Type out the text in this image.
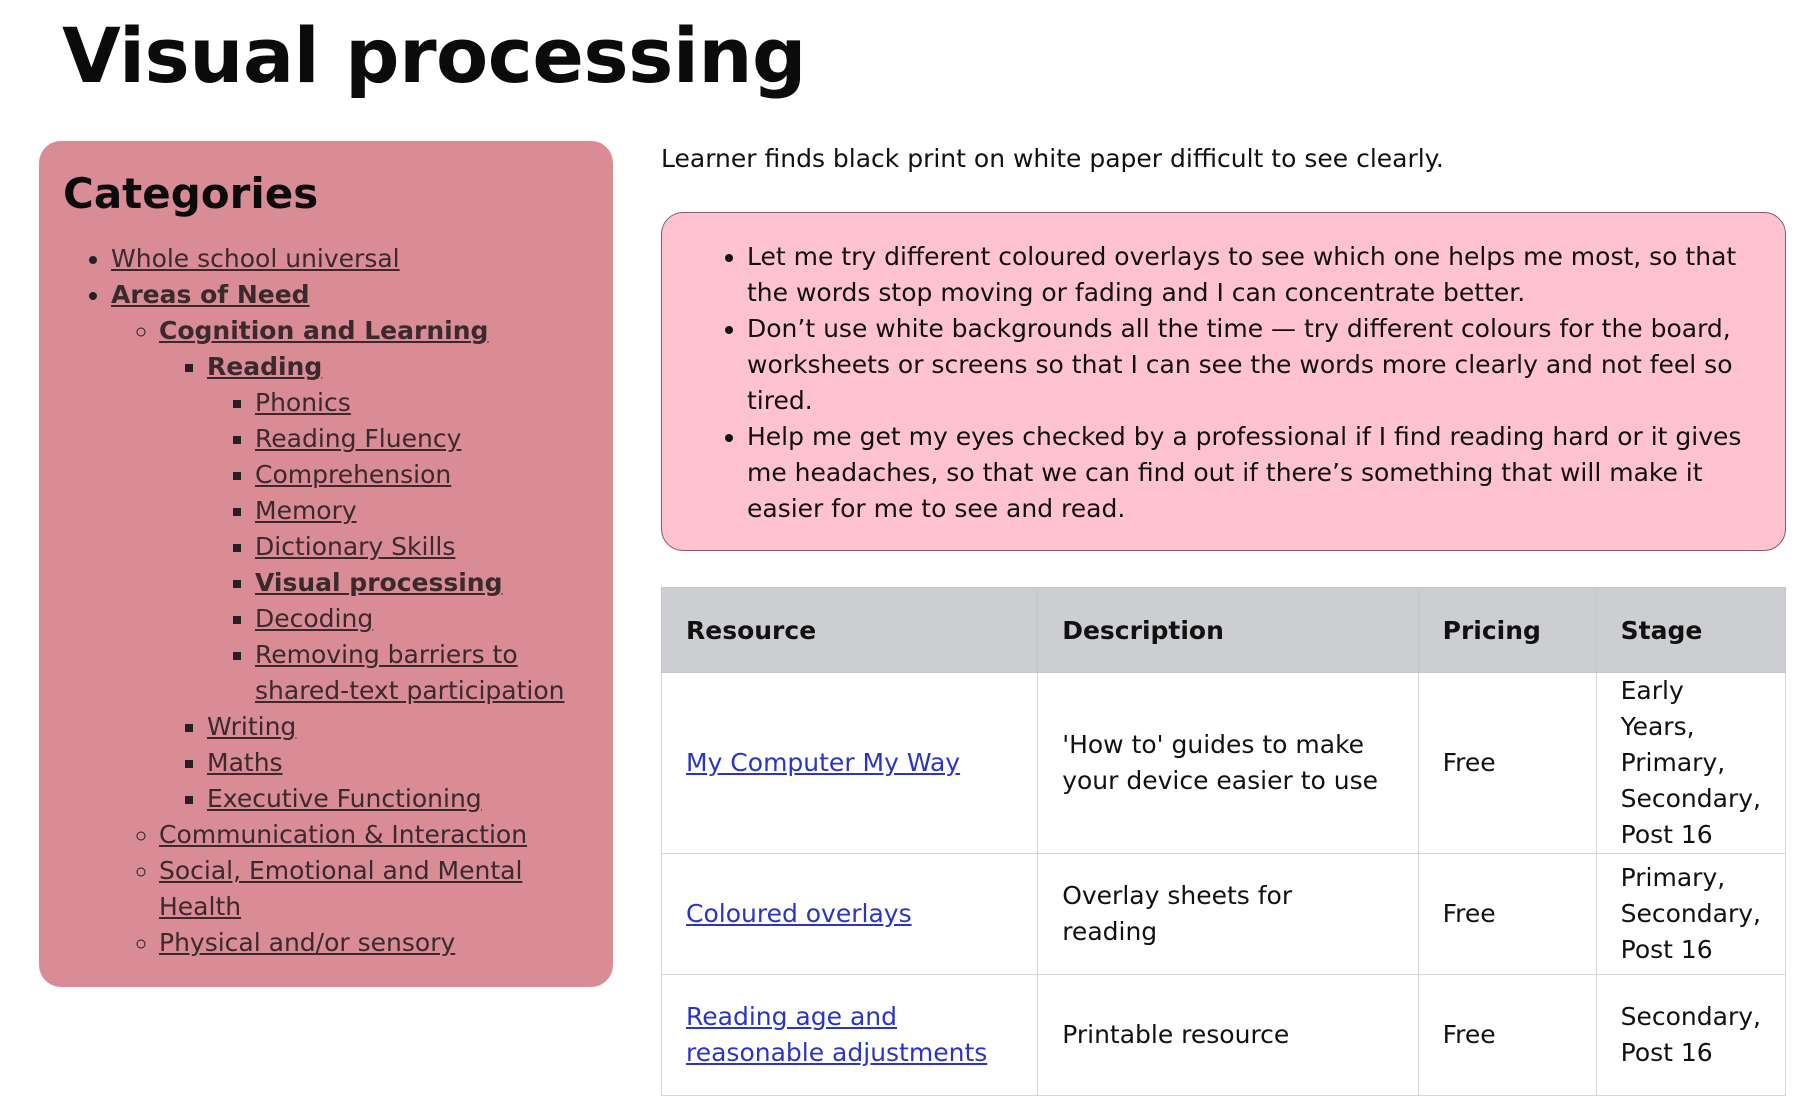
Visual processing
Categories
• Whole school universal
• Areas of Need
◦ Cognition and Learning
▪ Reading
▪ Phonics
▪ Reading Fluency
▪ Comprehension
▪ Memory
▪ Dictionary Skills
▪ Visual processing
▪ Decoding
▪ Removing barriers to shared-text participation
▪ Writing
▪ Maths
▪ Executive Functioning
◦ Communication & Interaction
◦ Social, Emotional and Mental Health
◦ Physical and/or sensory

Learner finds black print on white paper difficult to see clearly.

• Let me try different coloured overlays to see which one helps me most, so that the words stop moving or fading and I can concentrate better.
• Don’t use white backgrounds all the time — try different colours for the board, worksheets or screens so that I can see the words more clearly and not feel so tired.
• Help me get my eyes checked by a professional if I find reading hard or it gives me headaches, so that we can find out if there’s something that will make it easier for me to see and read.
Resource	Description	Pricing	Stage
My Computer My Way	'How to' guides to make your device easier to use	Free	Early Years, Primary, Secondary, Post 16
Coloured overlays	Overlay sheets for reading	Free	Primary, Secondary, Post 16
Reading age and reasonable adjustments	Printable resource	Free	Secondary, Post 16
